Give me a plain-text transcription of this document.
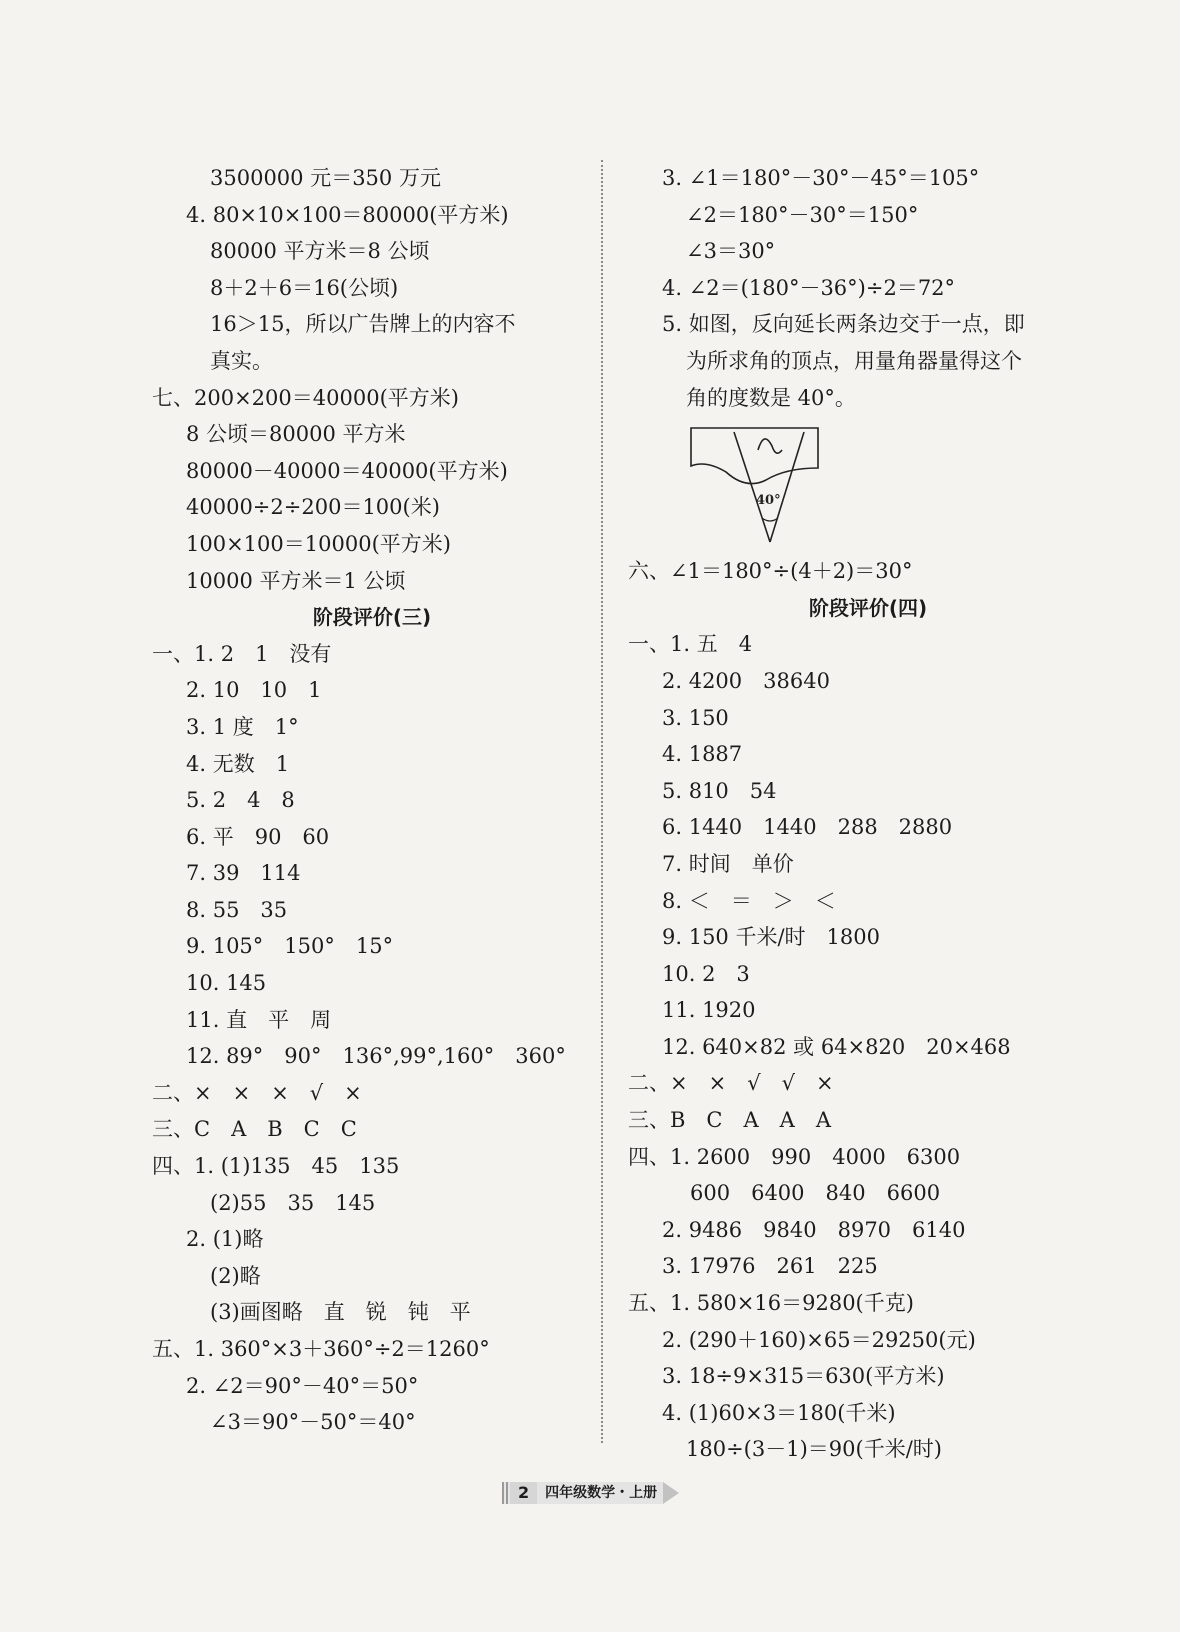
3500000 元＝350 万元
4. 80×10×100＝80000(平方米)
80000 平方米＝8 公顷
8＋2＋6＝16(公顷)
16＞15，所以广告牌上的内容不
真实。
七、200×200＝40000(平方米)
8 公顷＝80000 平方米
80000－40000＝40000(平方米)
40000÷2÷200＝100(米)
100×100＝10000(平方米)
10000 平方米＝1 公顷
阶段评价(三)
一、1. 2　1　没有
2. 10　10　1
3. 1 度　1°
4. 无数　1
5. 2　4　8
6. 平　90　60
7. 39　114
8. 55　35
9. 105°　150°　15°
10. 145
11. 直　平　周
12. 89°　90°　136°,99°,160°　360°
二、×　×　×　√　×
三、C　A　B　C　C
四、1. (1)135　45　135
(2)55　35　145
2. (1)略
(2)略
(3)画图略　直　锐　钝　平
五、1. 360°×3＋360°÷2＝1260°
2. ∠2＝90°－40°＝50°
∠3＝90°－50°＝40°
3. ∠1＝180°－30°－45°＝105°
∠2＝180°－30°＝150°
∠3＝30°
4. ∠2＝(180°－36°)÷2＝72°
5. 如图，反向延长两条边交于一点，即
为所求角的顶点，用量角器量得这个
角的度数是 40°。
40°
六、∠1＝180°÷(4＋2)＝30°
阶段评价(四)
一、1. 五　4
2. 4200　38640
3. 150
4. 1887
5. 810　54
6. 1440　1440　288　2880
7. 时间　单价
8. ＜　＝　＞　＜
9. 150 千米/时　1800
10. 2　3
11. 1920
12. 640×82 或 64×820　20×468
二、×　×　√　√　×
三、B　C　A　A　A
四、1. 2600　990　4000　6300
600　6400　840　6600
2. 9486　9840　8970　6140
3. 17976　261　225
五、1. 580×16＝9280(千克)
2. (290＋160)×65＝29250(元)
3. 18÷9×315＝630(平方米)
4. (1)60×3＝180(千米)
180÷(3－1)＝90(千米/时)
2	四年级数学・上册
